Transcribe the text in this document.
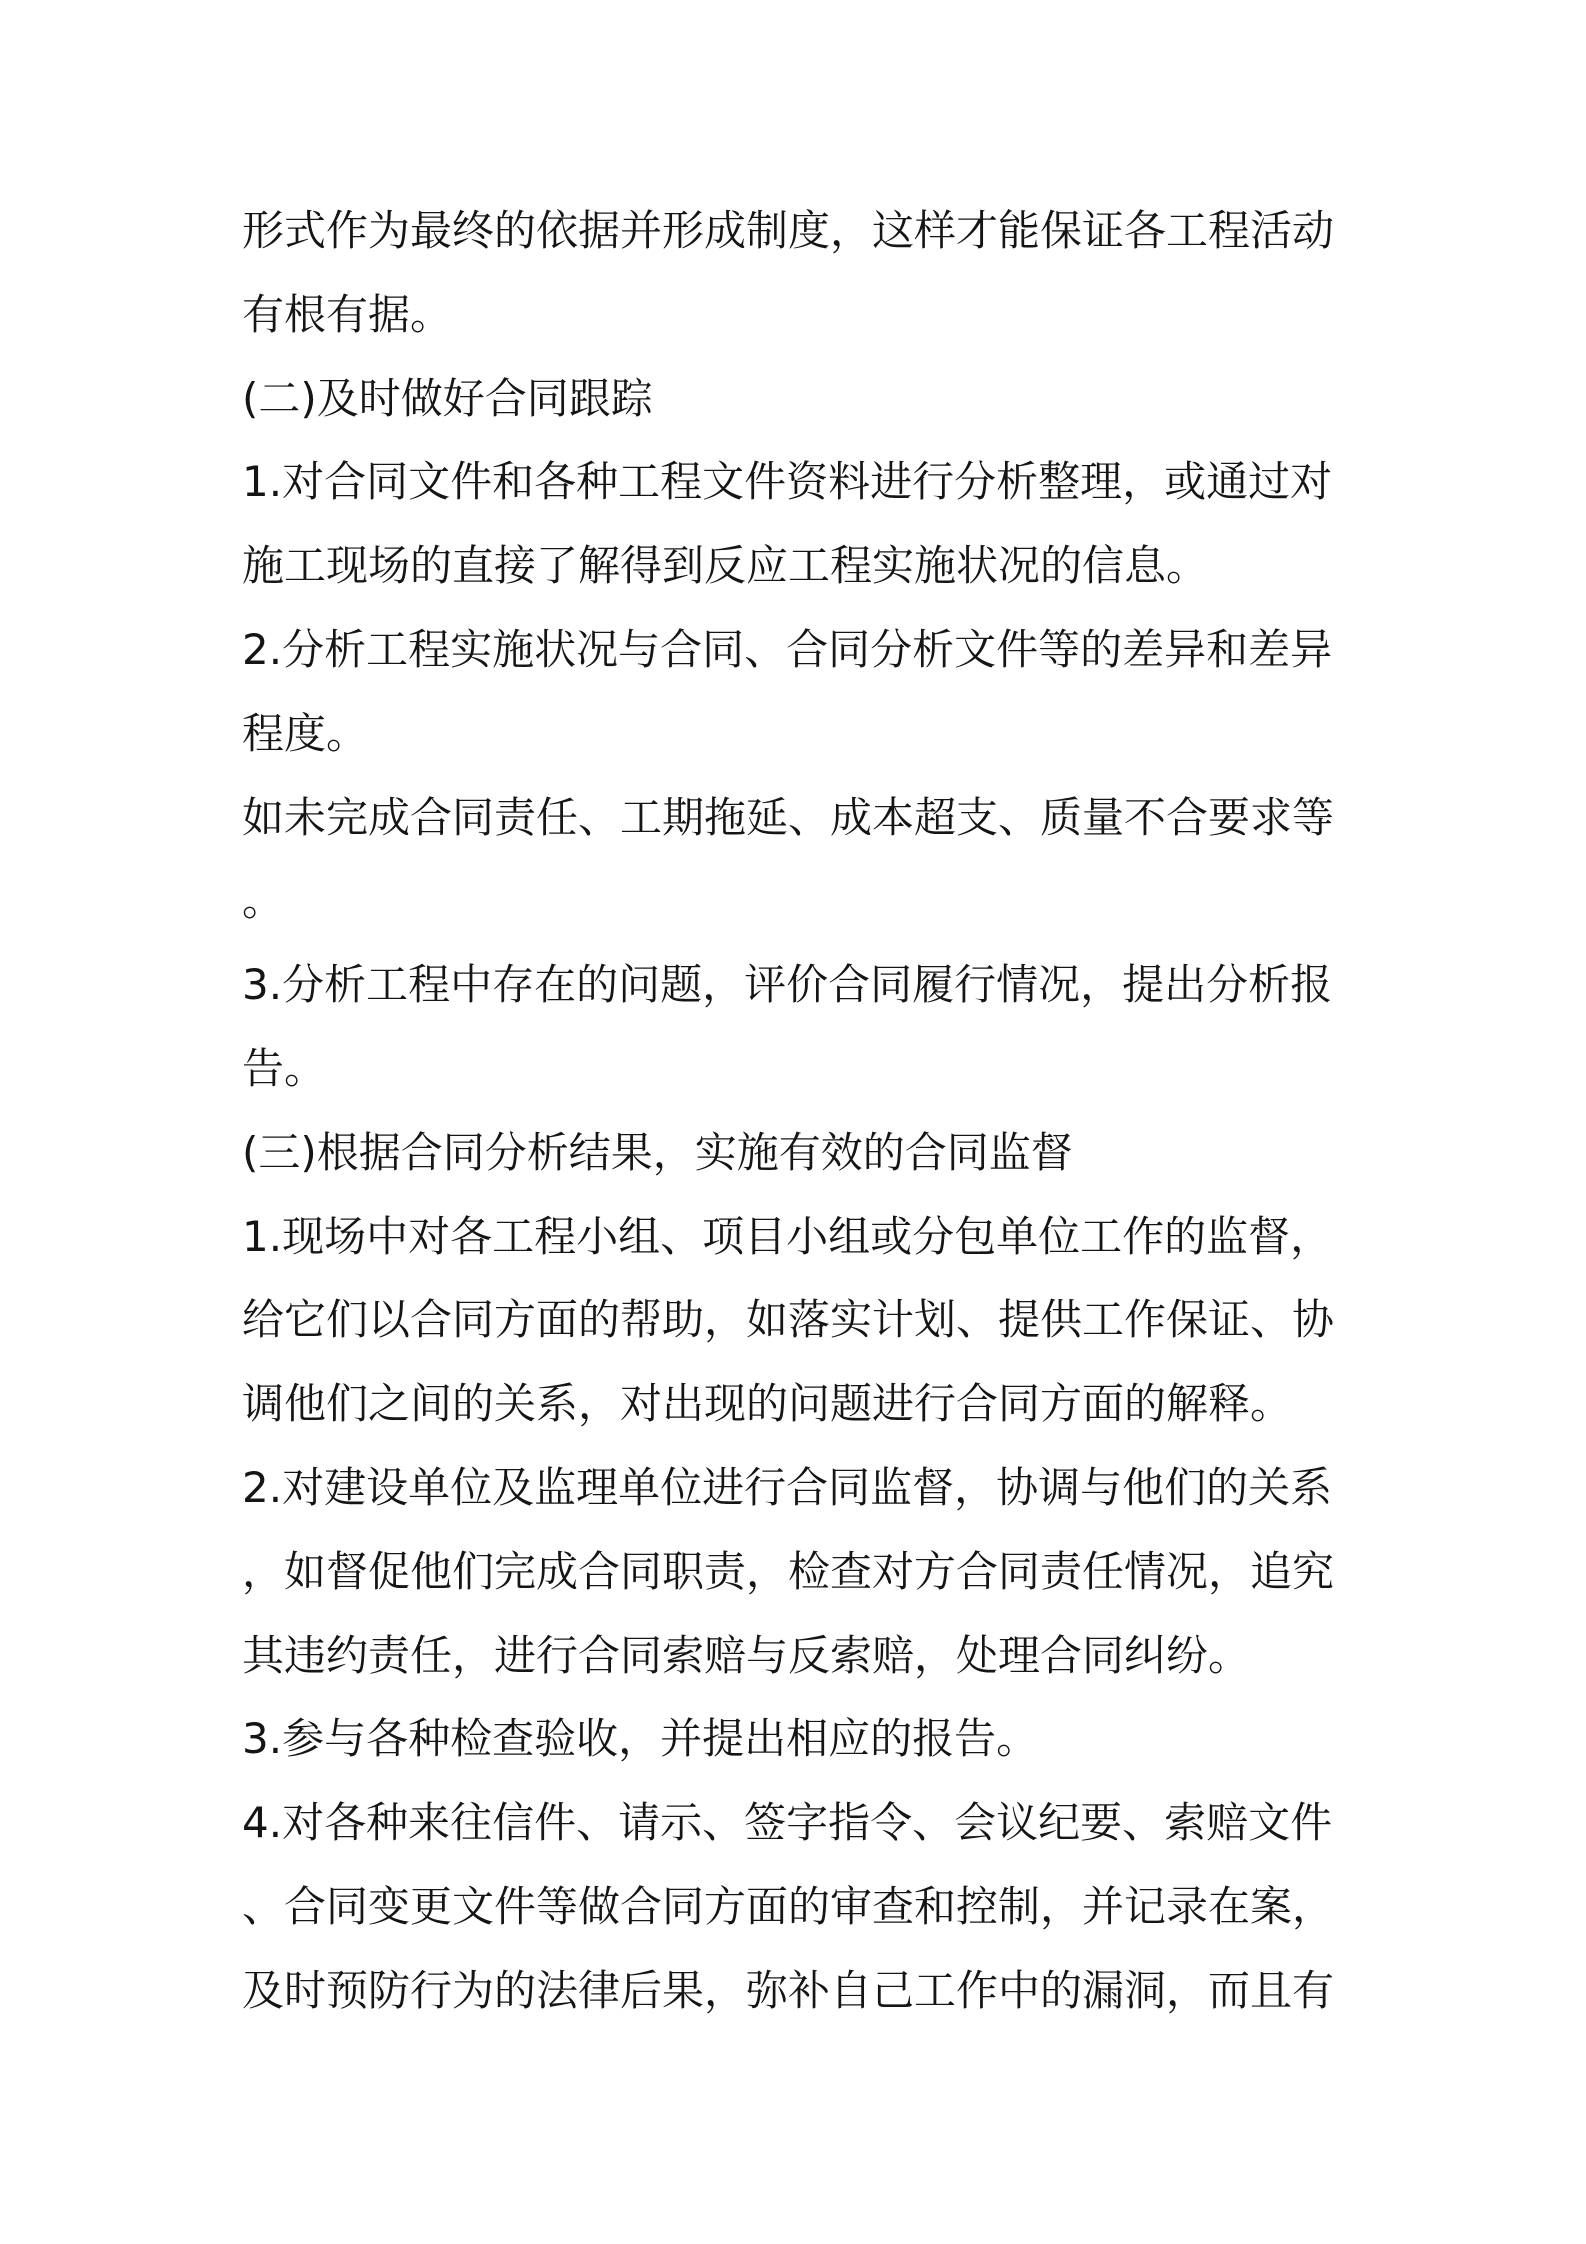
形式作为最终的依据并形成制度，这样才能保证各工程活动
有根有据。
(二)及时做好合同跟踪
1.对合同文件和各种工程文件资料进行分析整理，或通过对
施工现场的直接了解得到反应工程实施状况的信息。
2.分析工程实施状况与合同、合同分析文件等的差异和差异
程度。
如未完成合同责任、工期拖延、成本超支、质量不合要求等
。
3.分析工程中存在的问题，评价合同履行情况，提出分析报
告。
(三)根据合同分析结果，实施有效的合同监督
1.现场中对各工程小组、项目小组或分包单位工作的监督，
给它们以合同方面的帮助，如落实计划、提供工作保证、协
调他们之间的关系，对出现的问题进行合同方面的解释。
2.对建设单位及监理单位进行合同监督，协调与他们的关系
，如督促他们完成合同职责，检查对方合同责任情况，追究
其违约责任，进行合同索赔与反索赔，处理合同纠纷。
3.参与各种检查验收，并提出相应的报告。
4.对各种来往信件、请示、签字指令、会议纪要、索赔文件
、合同变更文件等做合同方面的审查和控制，并记录在案，
及时预防行为的法律后果，弥补自己工作中的漏洞，而且有
